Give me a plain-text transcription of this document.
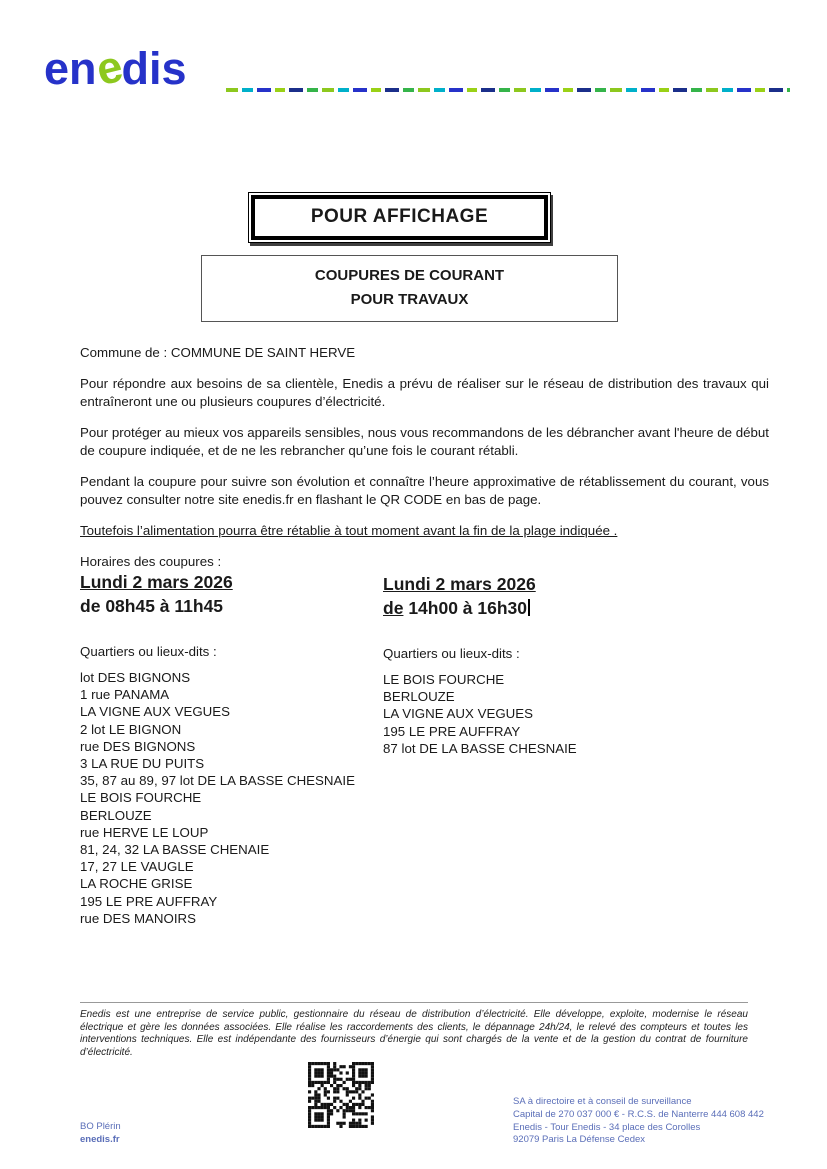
enedis
POUR AFFICHAGE
COUPURES DE COURANT
POUR TRAVAUX

Commune de : COMMUNE DE SAINT HERVE

Pour répondre aux besoins de sa clientèle, Enedis a prévu de réaliser sur le réseau de distribution des travaux qui entraîneront une ou plusieurs coupures d’électricité.

Pour protéger au mieux vos appareils sensibles, nous vous recommandons de les débrancher avant l'heure de début de coupure indiquée, et de ne les rebrancher qu’une fois le courant rétabli.

Pendant la coupure pour suivre son évolution et connaître l’heure approximative de rétablissement du courant, vous pouvez consulter notre site enedis.fr en flashant le QR CODE en bas de page.

Toutefois l’alimentation pourra être rétablie à tout moment avant la fin de la plage indiquée .

Horaires des coupures :

Lundi 2 mars 2026
de 08h45 à 11h45
Quartiers ou lieux-dits :
lot DES BIGNONS
1 rue PANAMA
LA VIGNE AUX VEGUES
2 lot LE BIGNON
rue DES BIGNONS
3 LA RUE DU PUITS
35, 87 au 89, 97 lot DE LA BASSE CHESNAIE
LE BOIS FOURCHE
BERLOUZE
rue HERVE LE LOUP
81, 24, 32 LA BASSE CHENAIE
17, 27 LE VAUGLE
LA ROCHE GRISE
195 LE PRE AUFFRAY
rue DES MANOIRS
Lundi 2 mars 2026
de 14h00 à 16h30
Quartiers ou lieux-dits :
LE BOIS FOURCHE
BERLOUZE
LA VIGNE AUX VEGUES
195 LE PRE AUFFRAY
87 lot DE LA BASSE CHESNAIE
Enedis est une entreprise de service public, gestionnaire du réseau de distribution d’électricité. Elle développe, exploite, modernise le réseau électrique et gère les données associées. Elle réalise les raccordements des clients, le dépannage 24h/24, le relevé des compteurs et toutes les interventions techniques. Elle est indépendante des fournisseurs d’énergie qui sont chargés de la vente et de la gestion du contrat de fourniture d’électricité.
BO Plérin
enedis.fr
SA à directoire et à conseil de surveillance
Capital de 270 037 000 € - R.C.S. de Nanterre 444 608 442
Enedis - Tour Enedis - 34 place des Corolles
92079 Paris La Défense Cedex
